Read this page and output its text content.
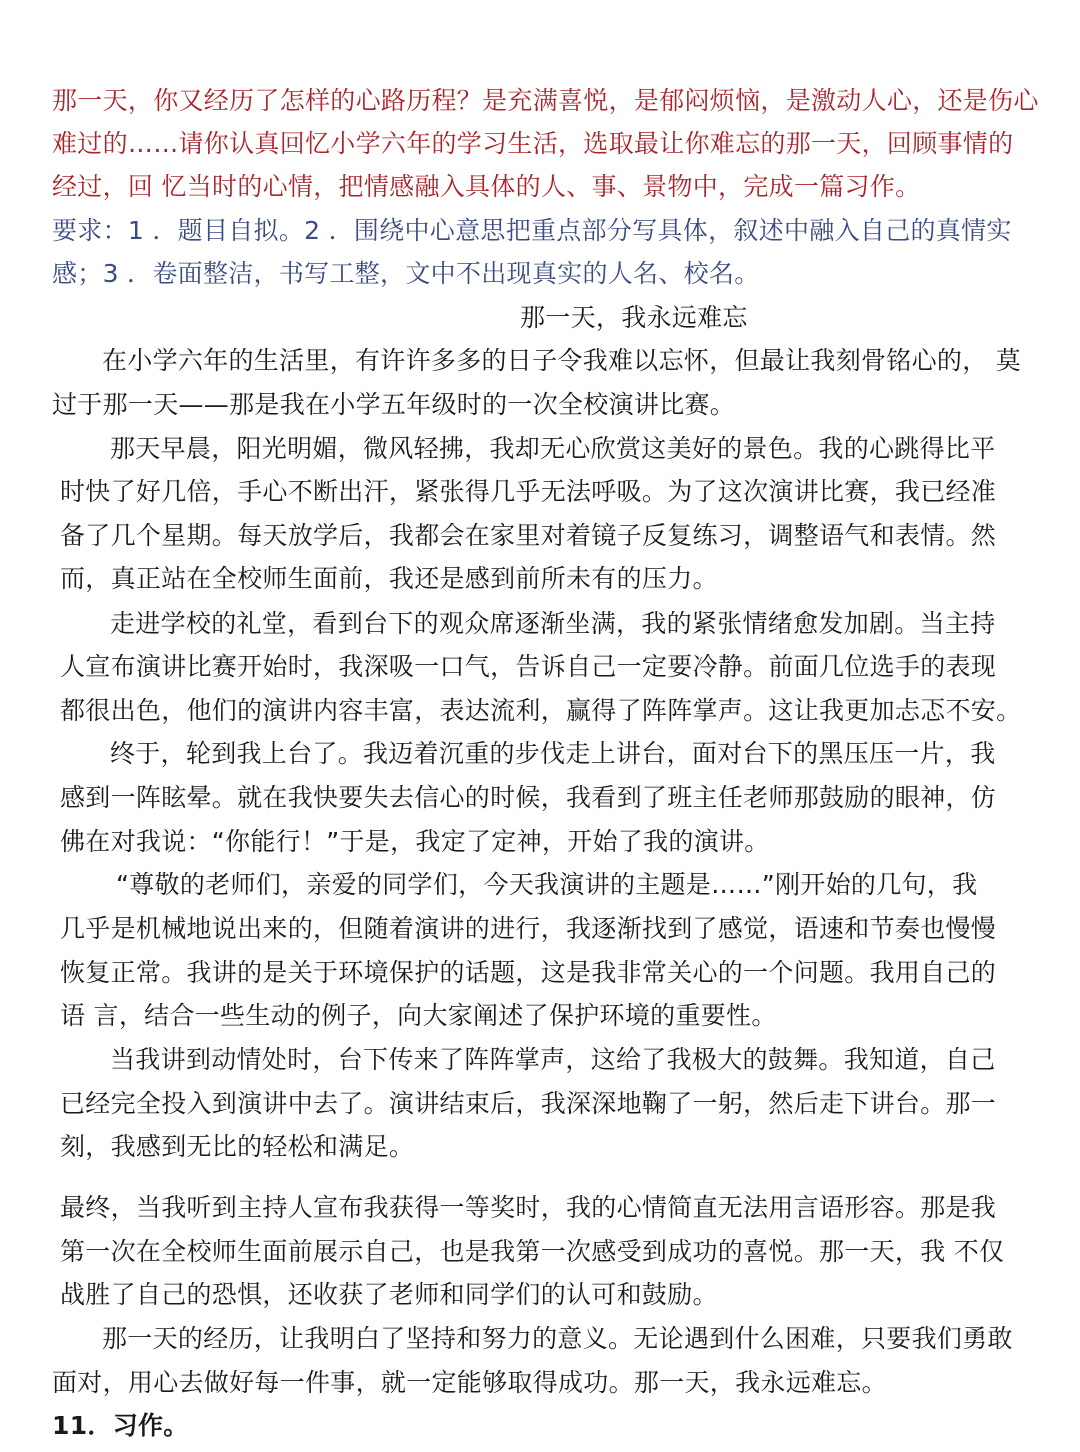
那一天，你又经历了怎样的心路历程？是充满喜悦，是郁闷烦恼，是激动人心，还是伤心
难过的……请你认真回忆小学六年的学习生活，选取最让你难忘的那一天，回顾事情的
经过，回 忆当时的心情，把情感融入具体的人、事、景物中，完成一篇习作。
要求：1 ．题目自拟。2 ．围绕中心意思把重点部分写具体，叙述中融入自己的真情实
感；3 ．卷面整洁，书写工整，文中不出现真实的人名、校名。
那一天，我永远难忘
在小学六年的生活里，有许许多多的日子令我难以忘怀，但最让我刻骨铭心的， 莫
过于那一天——那是我在小学五年级时的一次全校演讲比赛。
那天早晨，阳光明媚，微风轻拂，我却无心欣赏这美好的景色。我的心跳得比平
时快了好几倍，手心不断出汗，紧张得几乎无法呼吸。为了这次演讲比赛，我已经准
备了几个星期。每天放学后，我都会在家里对着镜子反复练习，调整语气和表情。然
而，真正站在全校师生面前，我还是感到前所未有的压力。
走进学校的礼堂，看到台下的观众席逐渐坐满，我的紧张情绪愈发加剧。当主持
人宣布演讲比赛开始时，我深吸一口气，告诉自己一定要冷静。前面几位选手的表现
都很出色，他们的演讲内容丰富，表达流利，赢得了阵阵掌声。这让我更加忐忑不安。
终于，轮到我上台了。我迈着沉重的步伐走上讲台，面对台下的黑压压一片，我
感到一阵眩晕。就在我快要失去信心的时候，我看到了班主任老师那鼓励的眼神，仿
佛在对我说：“你能行！”于是，我定了定神，开始了我的演讲。
“尊敬的老师们，亲爱的同学们，今天我演讲的主题是……”刚开始的几句，我
几乎是机械地说出来的，但随着演讲的进行，我逐渐找到了感觉，语速和节奏也慢慢
恢复正常。我讲的是关于环境保护的话题，这是我非常关心的一个问题。我用自己的
语 言，结合一些生动的例子，向大家阐述了保护环境的重要性。
当我讲到动情处时，台下传来了阵阵掌声，这给了我极大的鼓舞。我知道，自己
已经完全投入到演讲中去了。演讲结束后，我深深地鞠了一躬，然后走下讲台。那一
刻，我感到无比的轻松和满足。
最终，当我听到主持人宣布我获得一等奖时，我的心情简直无法用言语形容。那是我
第一次在全校师生面前展示自己，也是我第一次感受到成功的喜悦。那一天，我 不仅
战胜了自己的恐惧，还收获了老师和同学们的认可和鼓励。
那一天的经历，让我明白了坚持和努力的意义。无论遇到什么困难，只要我们勇敢
面对，用心去做好每一件事，就一定能够取得成功。那一天，我永远难忘。
11．习作。
